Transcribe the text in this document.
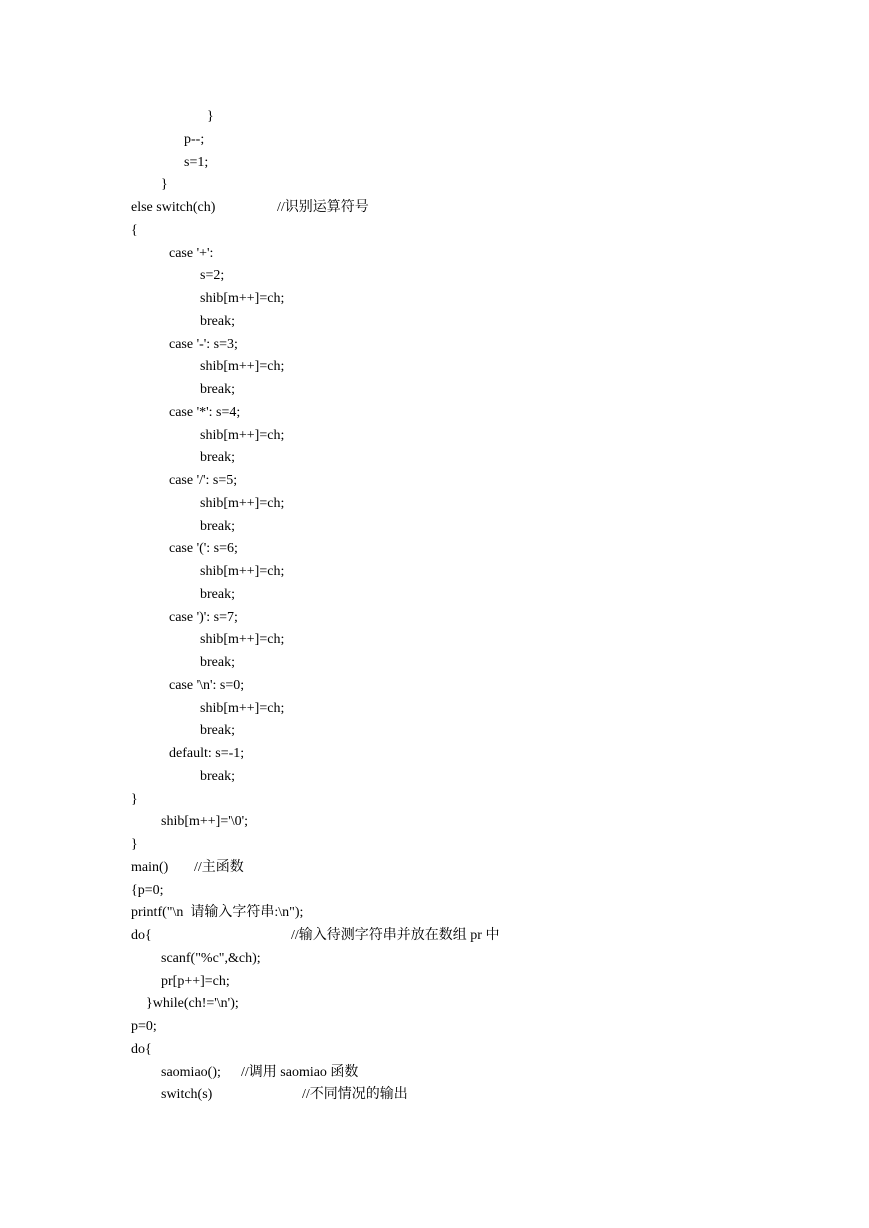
}
p--;
s=1;
}
else switch(ch)	//识别运算符号
{
case '+':
s=2;
shib[m++]=ch;
break;
case '-': s=3;
shib[m++]=ch;
break;
case '*': s=4;
shib[m++]=ch;
break;
case '/': s=5;
shib[m++]=ch;
break;
case '(': s=6;
shib[m++]=ch;
break;
case ')': s=7;
shib[m++]=ch;
break;
case '\n': s=0;
shib[m++]=ch;
break;
default: s=-1;
break;
}
shib[m++]='\0';
}
main() //主函数
{p=0;
printf("\n  请输入字符串:\n");
do{	//输入待测字符串并放在数组 pr 中
scanf("%c",&ch);
pr[p++]=ch;
}while(ch!='\n');
p=0;
do{
saomiao(); //调用 saomiao 函数
switch(s)	//不同情况的输出
